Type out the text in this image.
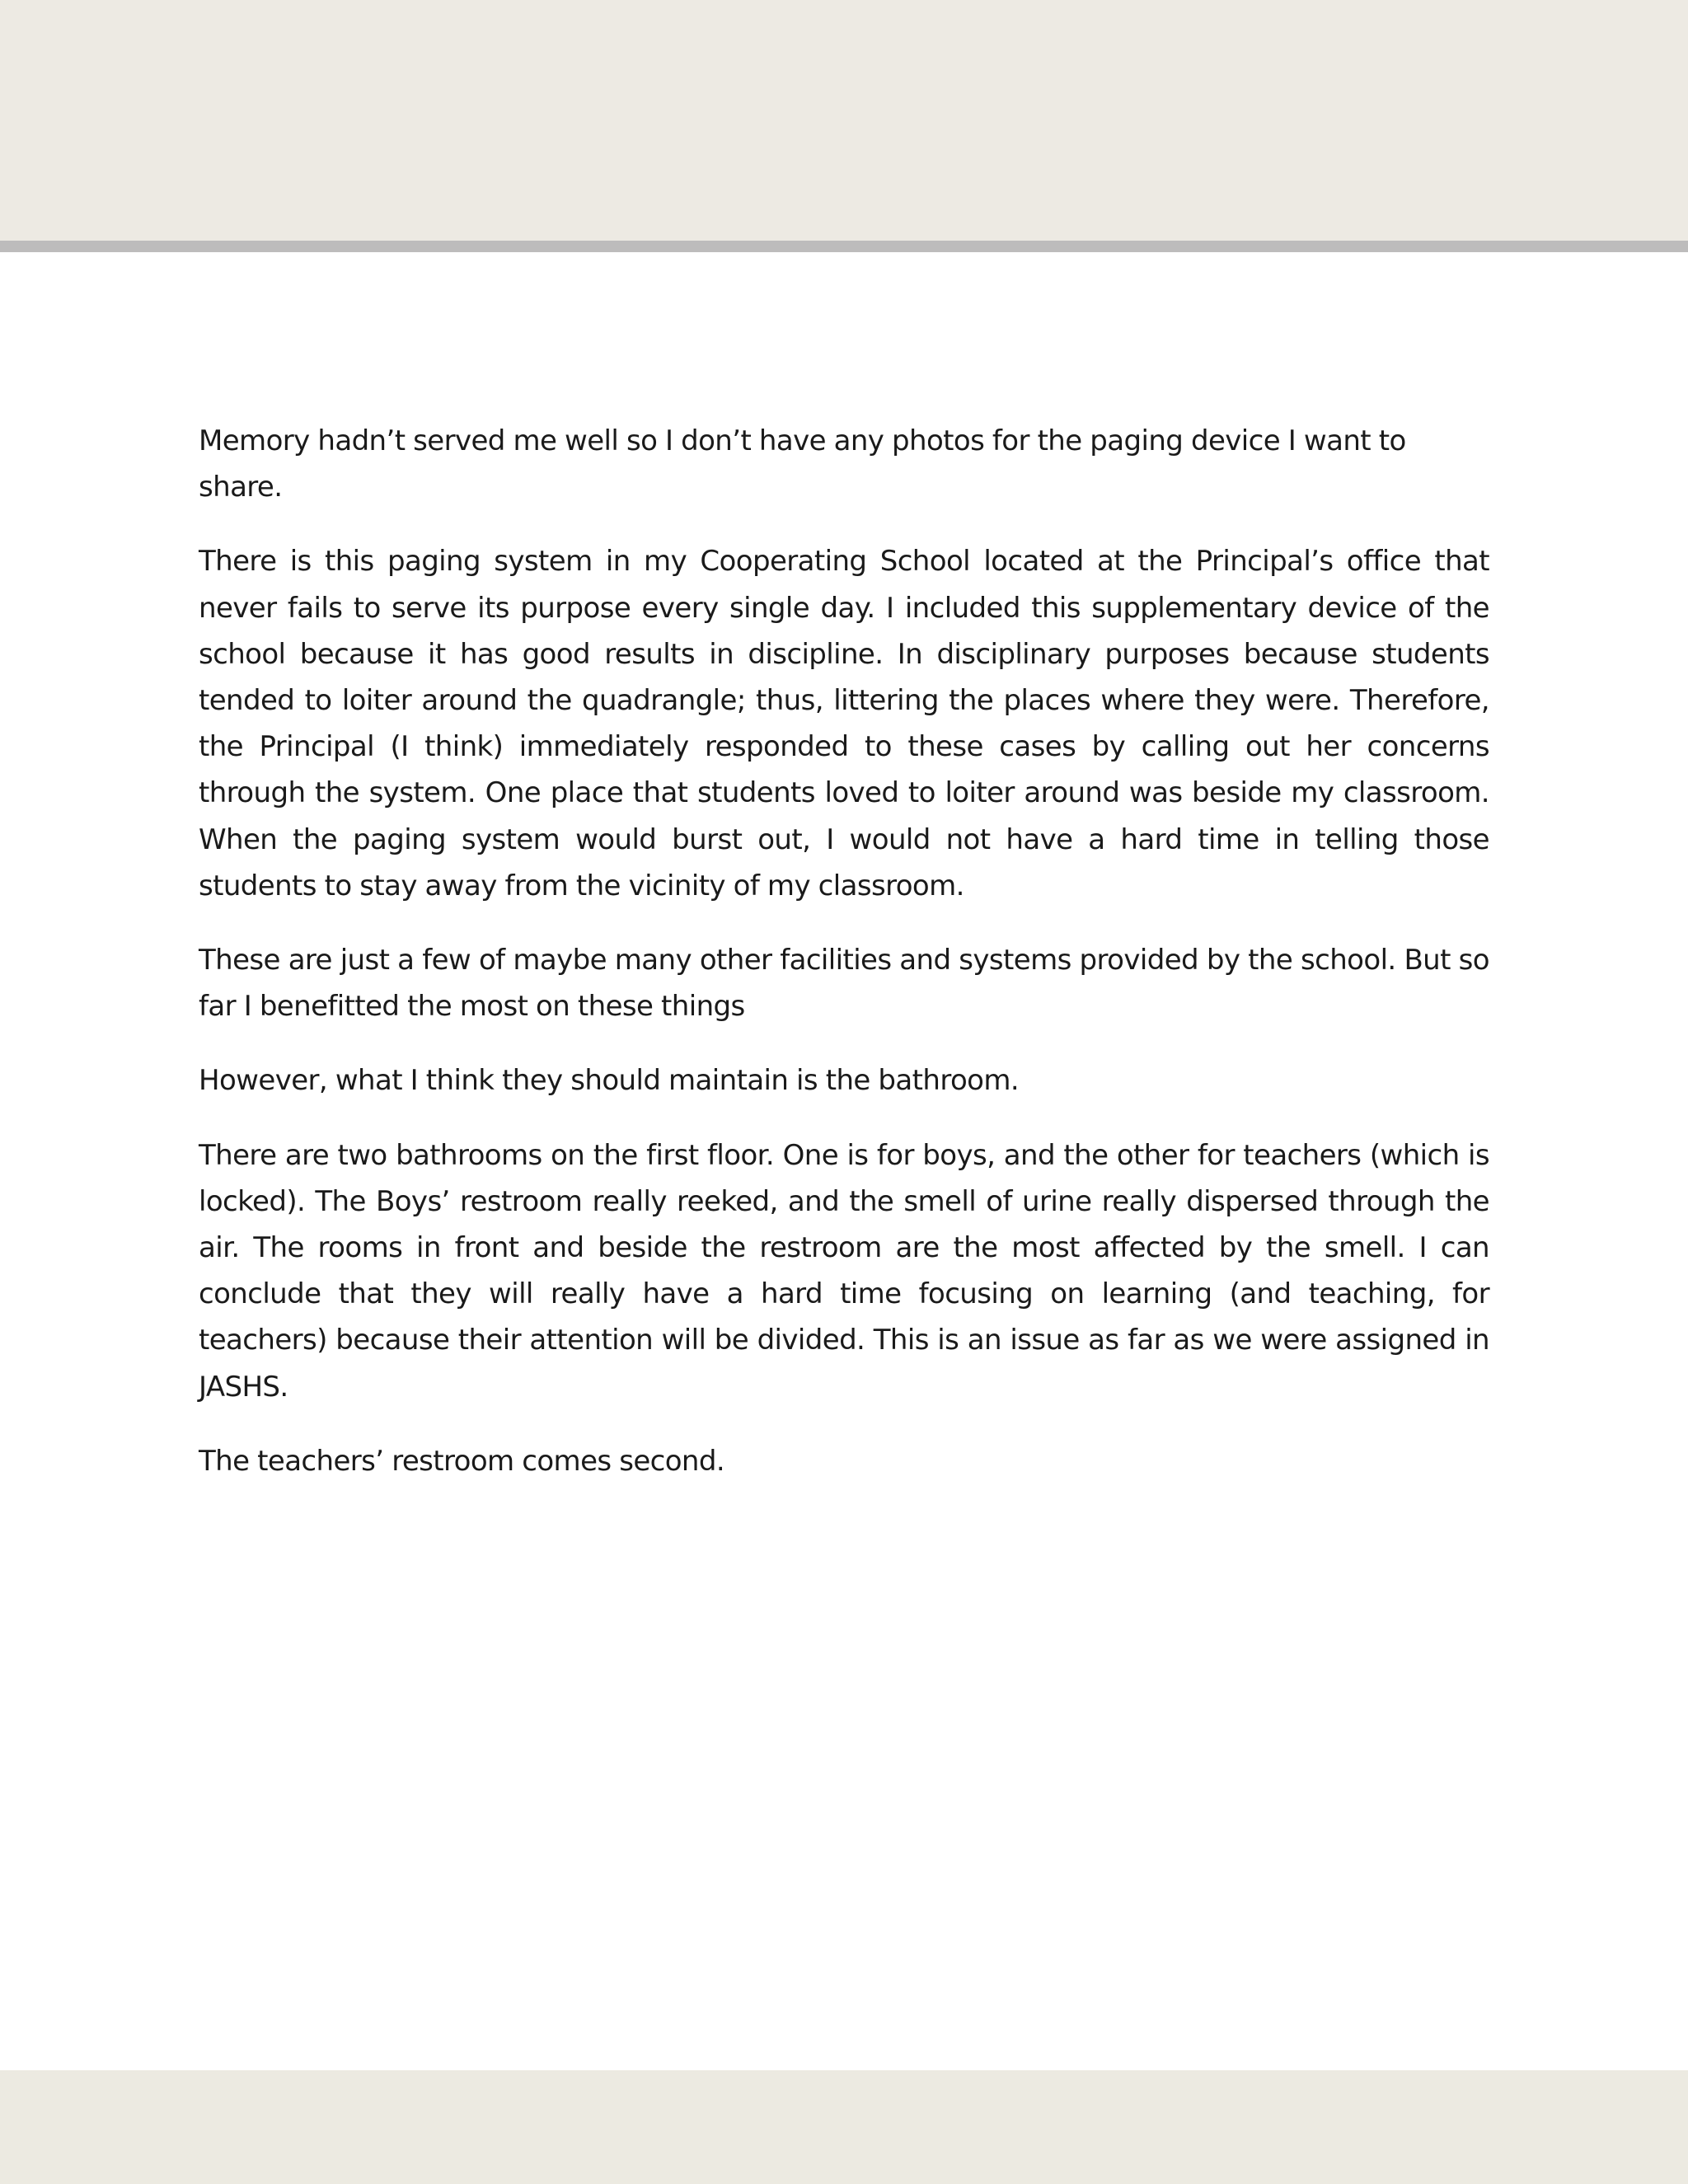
Memory hadn’t served me well so I don’t have any photos for the paging device I want to share.

There is this paging system in my Cooperating School located at the Principal’s office that never fails to serve its purpose every single day. I included this supplementary device of the school because it has good results in discipline. In disciplinary purposes because students tended to loiter around the quadrangle; thus, littering the places where they were. Therefore, the Principal (I think) immediately responded to these cases by calling out her concerns through the system. One place that students loved to loiter around was beside my classroom. When the paging system would burst out, I would not have a hard time in telling those students to stay away from the vicinity of my classroom.

These are just a few of maybe many other facilities and systems provided by the school. But so far I benefitted the most on these things

However, what I think they should maintain is the bathroom.

There are two bathrooms on the first floor. One is for boys, and the other for teachers (which is locked). The Boys’ restroom really reeked, and the smell of urine really dispersed through the air. The rooms in front and beside the restroom are the most affected by the smell. I can conclude that they will really have a hard time focusing on learning (and teaching, for teachers) because their attention will be divided. This is an issue as far as we were assigned in JASHS.

The teachers’ restroom comes second.
